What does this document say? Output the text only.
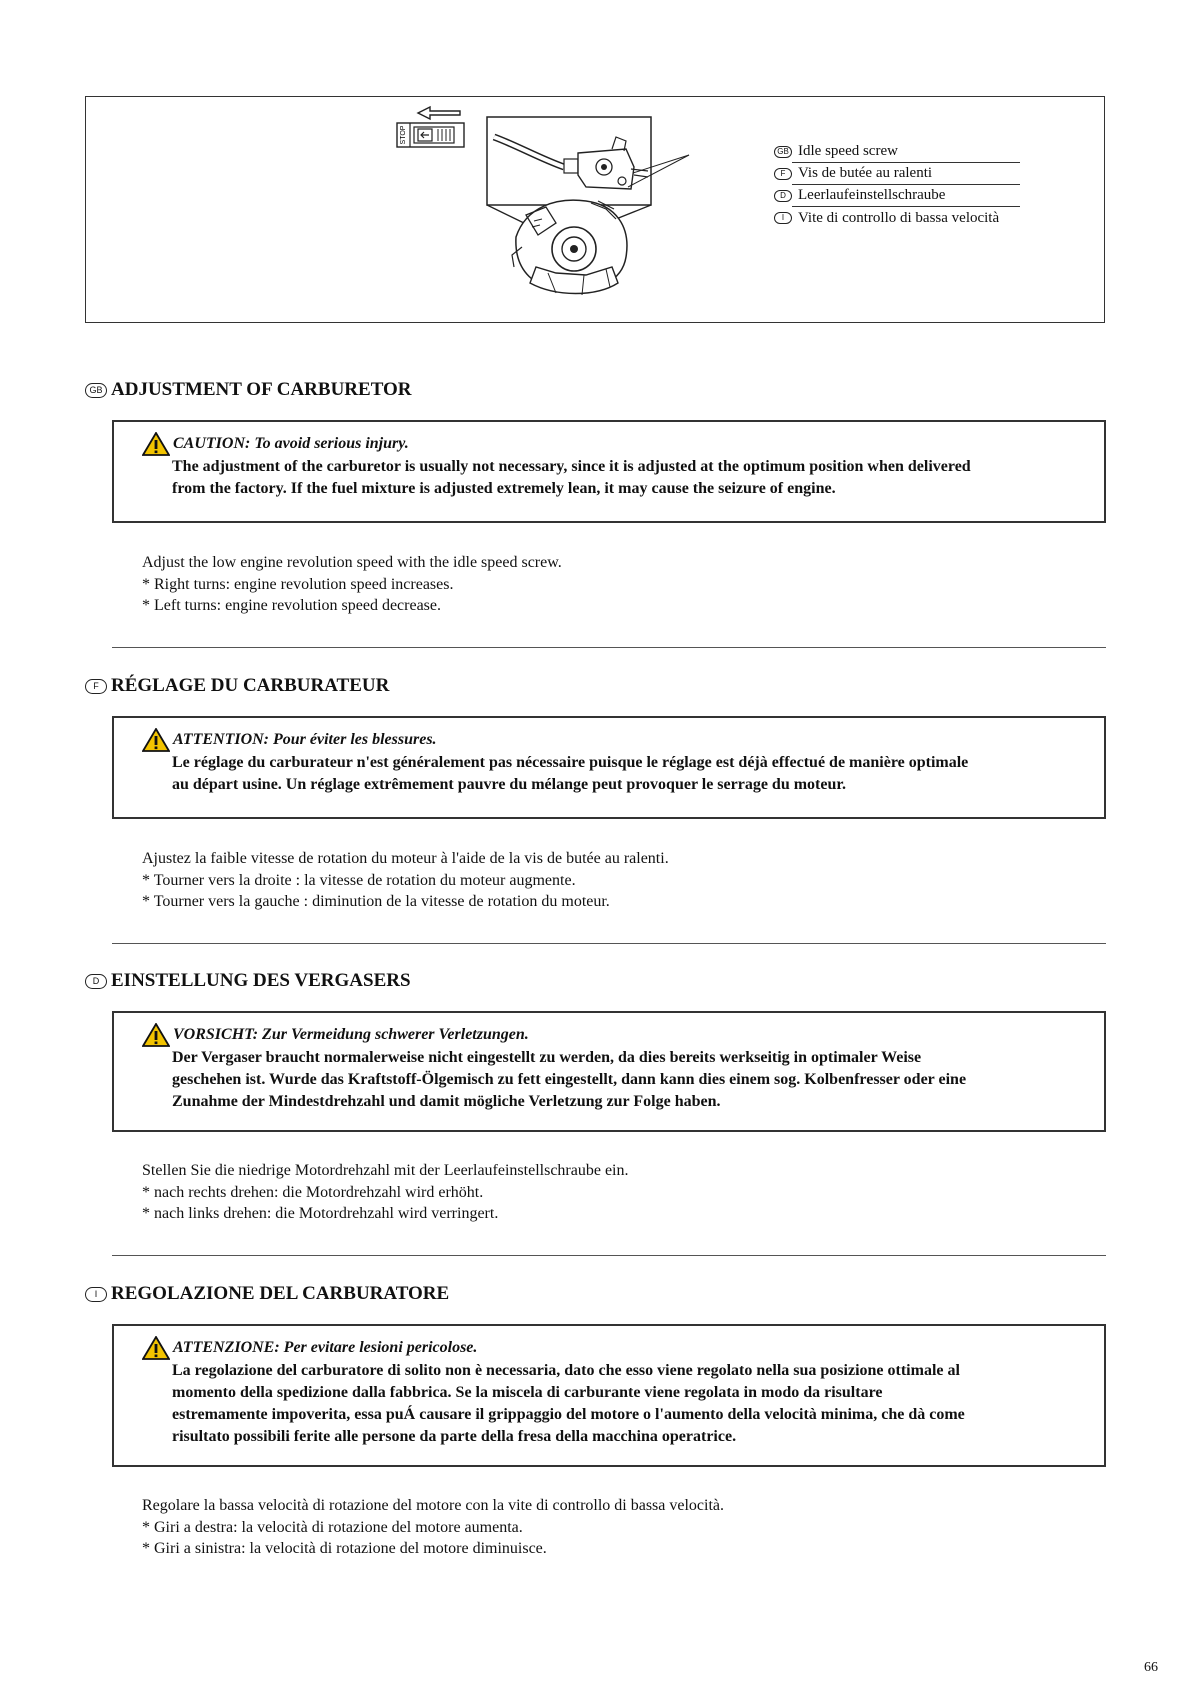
STOP
GB Idle speed screw
F Vis de butée au ralenti
D Leerlaufeinstellschraube
I Vite di controllo di bassa velocità
GB ADJUSTMENT OF CARBURETOR
CAUTION: To avoid serious injury.
The adjustment of the carburetor is usually not necessary, since it is adjusted at the optimum position when delivered
from the factory. If the fuel mixture is adjusted extremely lean, it may cause the seizure of engine.
Adjust the low engine revolution speed with the idle speed screw.
* Right turns: engine revolution speed increases.
* Left turns: engine revolution speed decrease.
F RÉGLAGE DU CARBURATEUR
ATTENTION: Pour éviter les blessures.
Le réglage du carburateur n'est généralement pas nécessaire puisque le réglage est déjà effectué de manière optimale
au départ usine. Un réglage extrêmement pauvre du mélange peut provoquer le serrage du moteur.
Ajustez la faible vitesse de rotation du moteur à l'aide de la vis de butée au ralenti.
* Tourner vers la droite : la vitesse de rotation du moteur augmente.
* Tourner vers la gauche : diminution de la vitesse de rotation du moteur.
D EINSTELLUNG DES VERGASERS
VORSICHT: Zur Vermeidung schwerer Verletzungen.
Der Vergaser braucht normalerweise nicht eingestellt zu werden, da dies bereits werkseitig in optimaler Weise
geschehen ist. Wurde das Kraftstoff-Ölgemisch zu fett eingestellt, dann kann dies einem sog. Kolbenfresser oder eine
Zunahme der Mindestdrehzahl und damit mögliche Verletzung zur Folge haben.
Stellen Sie die niedrige Motordrehzahl mit der Leerlaufeinstellschraube ein.
* nach rechts drehen: die Motordrehzahl wird erhöht.
* nach links drehen: die Motordrehzahl wird verringert.
I REGOLAZIONE DEL CARBURATORE
ATTENZIONE: Per evitare lesioni pericolose.
La regolazione del carburatore di solito non è necessaria, dato che esso viene regolato nella sua posizione ottimale al
momento della spedizione dalla fabbrica. Se la miscela di carburante viene regolata in modo da risultare
estremamente impoverita, essa puÁ causare il grippaggio del motore o l'aumento della velocità minima, che dà come
risultato possibili ferite alle persone da parte della fresa della macchina operatrice.
Regolare la bassa velocità di rotazione del motore con la vite di controllo di bassa velocità.
* Giri a destra: la velocità di rotazione del motore aumenta.
* Giri a sinistra: la velocità di rotazione del motore diminuisce.
66
